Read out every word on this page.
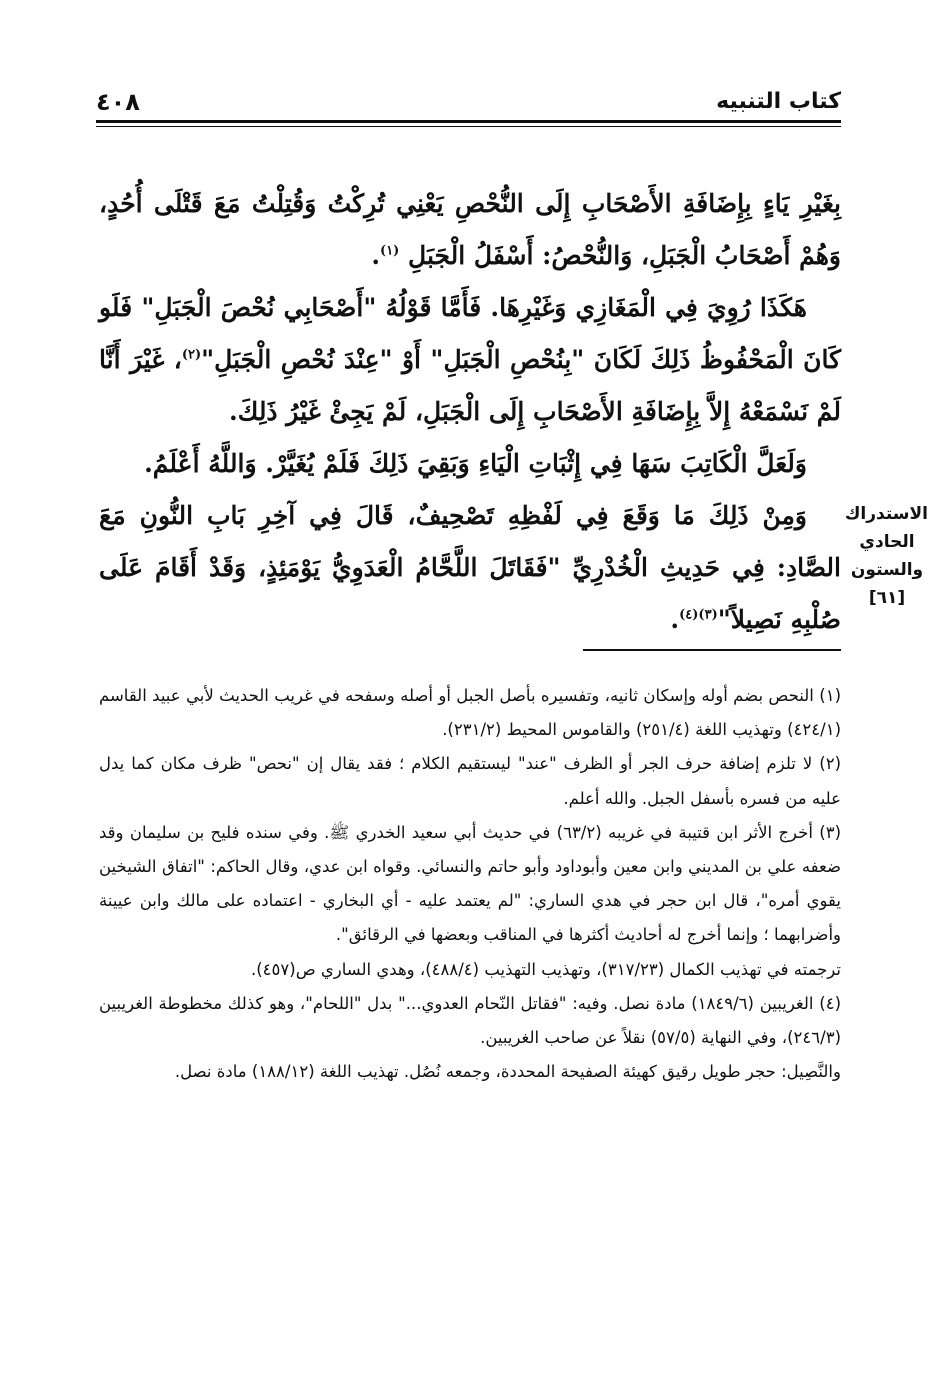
كتاب التنبيه
٤٠٨

بِغَيْرِ يَاءٍ بِإِضَافَةِ الأَصْحَابِ إِلَى النُّحْصِ يَعْنِي تُرِكْتُ وَقُتِلْتُ مَعَ قَتْلَى أُحُدٍ، وَهُمْ أَصْحَابُ الْجَبَلِ، وَالنُّحْصُ: أَسْفَلُ الْجَبَلِ $^{(١)}$.

هَكَذَا رُوِيَ فِي الْمَغَازِي وَغَيْرِهَا. فَأَمَّا قَوْلُهُ "أَصْحَابِي نُحْصَ الْجَبَلِ" فَلَو كَانَ الْمَحْفُوظُ ذَلِكَ لَكَانَ "بِنُحْصِ الْجَبَلِ" أَوْ "عِنْدَ نُحْصِ الْجَبَلِ"$^{(٢)}$، غَيْرَ أَنَّا لَمْ نَسْمَعْهُ إِلاَّ بِإِضَافَةِ الأَصْحَابِ إِلَى الْجَبَلِ، لَمْ يَجِئْ غَيْرُ ذَلِكَ.

وَلَعَلَّ الْكَاتِبَ سَهَا فِي إِثْبَاتِ الْيَاءِ وَبَقِيَ ذَلِكَ فَلَمْ يُغَيَّرْ. وَاللَّهُ أَعْلَمُ.

وَمِنْ ذَلِكَ مَا وَقَعَ فِي لَفْظِهِ تَصْحِيفٌ، قَالَ فِي آخِرِ بَابِ النُّونِ مَعَ الصَّادِ: فِي حَدِيثِ الْخُدْرِيِّ "فَقَاتَلَ اللَّحَّامُ الْعَدَوِيُّ يَوْمَئِذٍ، وَقَدْ أَقَامَ عَلَى صُلْبِهِ نَصِيلاً"$^{(٣)(٤)}$.

الاستدراك
الحادي
والستون
[٦١]

(١) النحص بضم أوله وإسكان ثانيه، وتفسيره بأصل الجبل أو أصله وسفحه في غريب الحديث لأبي عبيد القاسم (٤٢٤/١) وتهذيب اللغة (٢٥١/٤) والقاموس المحيط (٢٣١/٢).

(٢) لا تلزم إضافة حرف الجر أو الظرف "عند" ليستقيم الكلام ؛ فقد يقال إن "نحص" ظرف مكان كما يدل عليه من فسره بأسفل الجبل. والله أعلم.

(٣) أخرج الأثر ابن قتيبة في غريبه (٦٣/٢) في حديث أبي سعيد الخدري ﷺ. وفي سنده فليح بن سليمان وقد ضعفه علي بن المديني وابن معين وأبوداود وأبو حاتم والنسائي. وقواه ابن عدي، وقال الحاكم: "اتفاق الشيخين يقوي أمره"، قال ابن حجر في هدي الساري: "لم يعتمد عليه - أي البخاري - اعتماده على مالك وابن عيينة وأضرابهما ؛ وإنما أخرج له أحاديث أكثرها في المناقب وبعضها في الرقائق".

ترجمته في تهذيب الكمال (٣١٧/٢٣)، وتهذيب التهذيب (٤٨٨/٤)، وهدي الساري ص(٤٥٧).

(٤) الغريبين (١٨٤٩/٦) مادة نصل. وفيه: "فقاتل النّحام العدوي..." بدل "اللحام"، وهو كذلك مخطوطة الغريبين (٢٤٦/٣)، وفي النهاية (٥٧/٥) نقلاً عن صاحب الغريبين.

والنَّصِيل: حجر طويل رقيق كهيئة الصفيحة المحددة، وجمعه نُصُل. تهذيب اللغة (١٨٨/١٢) مادة نصل.
